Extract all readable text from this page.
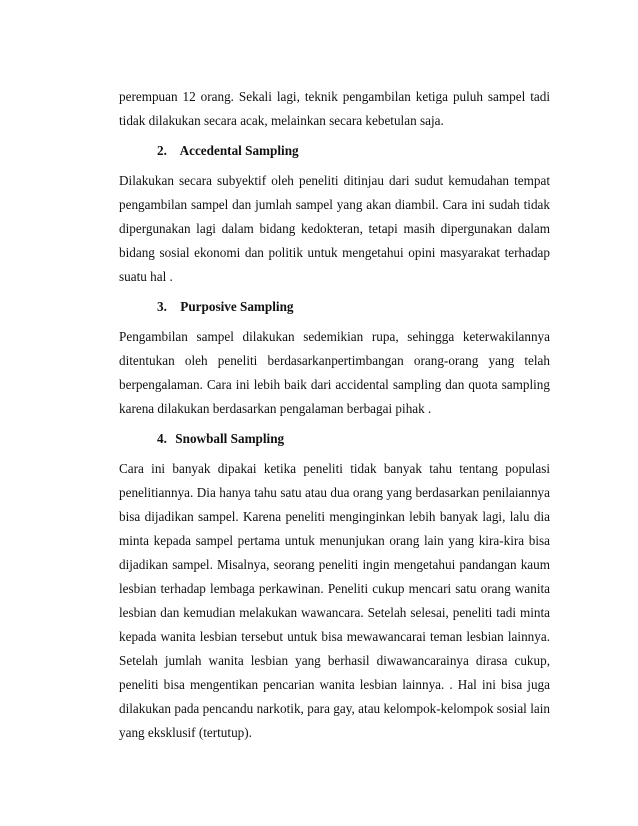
perempuan 12 orang. Sekali lagi, teknik pengambilan ketiga puluh sampel tadi tidak dilakukan secara acak, melainkan secara kebetulan saja.

2. Accedental Sampling

Dilakukan secara subyektif oleh peneliti ditinjau dari sudut kemudahan tempat pengambilan sampel dan jumlah sampel yang akan diambil. Cara ini sudah tidak dipergunakan lagi dalam bidang kedokteran, tetapi masih dipergunakan dalam bidang sosial ekonomi dan politik untuk mengetahui opini masyarakat terhadap suatu hal .

3. Purposive Sampling

Pengambilan sampel dilakukan sedemikian rupa, sehingga keterwakilannya ditentukan oleh peneliti berdasarkanpertimbangan orang-orang yang telah berpengalaman. Cara ini lebih baik dari accidental sampling dan quota sampling karena dilakukan berdasarkan pengalaman berbagai pihak .

4. Snowball Sampling

Cara ini banyak dipakai ketika peneliti tidak banyak tahu tentang populasi penelitiannya. Dia hanya tahu satu atau dua orang yang berdasarkan penilaiannya bisa dijadikan sampel. Karena peneliti menginginkan lebih banyak lagi, lalu dia minta kepada sampel pertama untuk menunjukan orang lain yang kira-kira bisa dijadikan sampel. Misalnya, seorang peneliti ingin mengetahui pandangan kaum lesbian terhadap lembaga perkawinan. Peneliti cukup mencari satu orang wanita lesbian dan kemudian melakukan wawancara. Setelah selesai, peneliti tadi minta kepada wanita lesbian tersebut untuk bisa mewawancarai teman lesbian lainnya. Setelah jumlah wanita lesbian yang berhasil diwawancarainya dirasa cukup, peneliti bisa mengentikan pencarian wanita lesbian lainnya. . Hal ini bisa juga dilakukan pada pencandu narkotik, para gay, atau kelompok-kelompok sosial lain yang eksklusif (tertutup).
